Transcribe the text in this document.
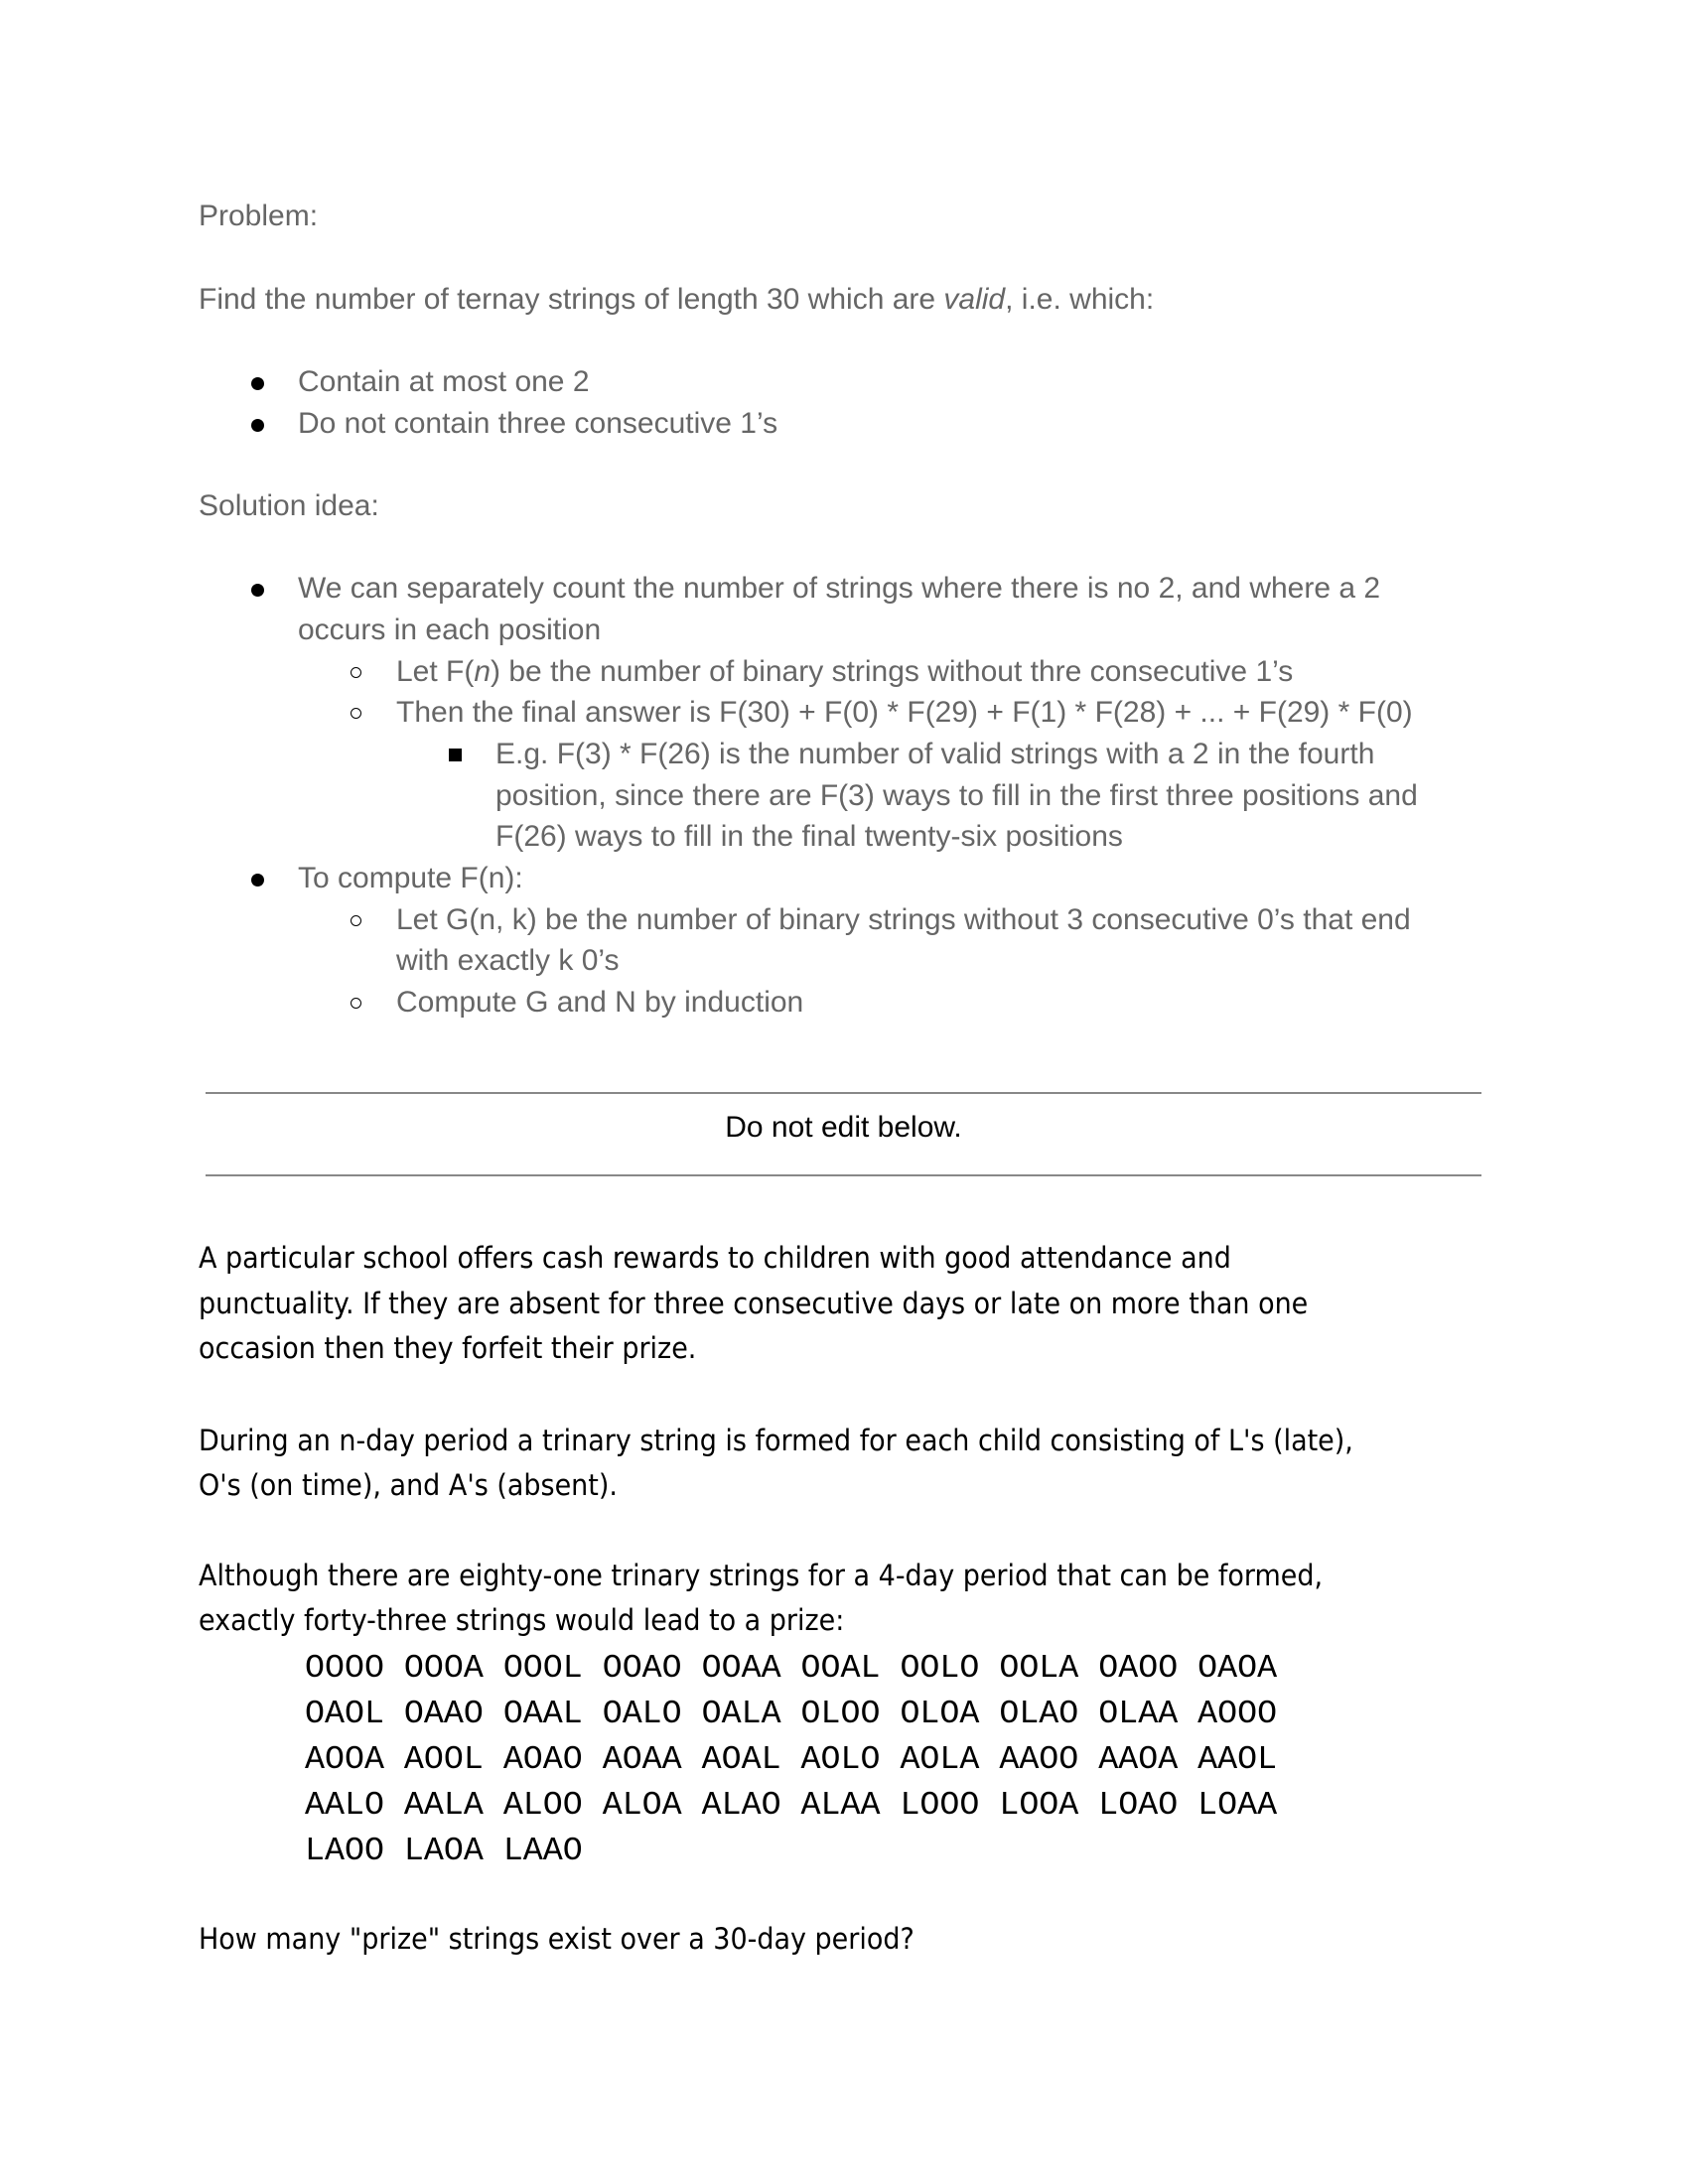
Problem:
Find the number of ternay strings of length 30 which are valid, i.e. which:
Contain at most one 2
Do not contain three consecutive 1’s
Solution idea:
We can separately count the number of strings where there is no 2, and where a 2
occurs in each position
Let F(n) be the number of binary strings without thre consecutive 1’s
Then the final answer is F(30) + F(0) * F(29) + F(1) * F(28) + ... + F(29) * F(0)
E.g. F(3) * F(26) is the number of valid strings with a 2 in the fourth
position, since there are F(3) ways to fill in the first three positions and
F(26) ways to fill in the final twenty-six positions
To compute F(n):
Let G(n, k) be the number of binary strings without 3 consecutive 0’s that end
with exactly k 0’s
Compute G and N by induction
Do not edit below.
A particular school offers cash rewards to children with good attendance and
punctuality. If they are absent for three consecutive days or late on more than one
occasion then they forfeit their prize.
During an n-day period a trinary string is formed for each child consisting of L's (late),
O's (on time), and A's (absent).
Although there are eighty-one trinary strings for a 4-day period that can be formed,
exactly forty-three strings would lead to a prize:
OOOO OOOA OOOL OOAO OOAA OOAL OOLO OOLA OAOO OAOA
OAOL OAAO OAAL OALO OALA OLOO OLOA OLAO OLAA AOOO
AOOA AOOL AOAO AOAA AOAL AOLO AOLA AAOO AAOA AAOL
AALO AALA ALOO ALOA ALAO ALAA LOOO LOOA LOAO LOAA
LAOO LAOA LAAO
How many "prize" strings exist over a 30-day period?
